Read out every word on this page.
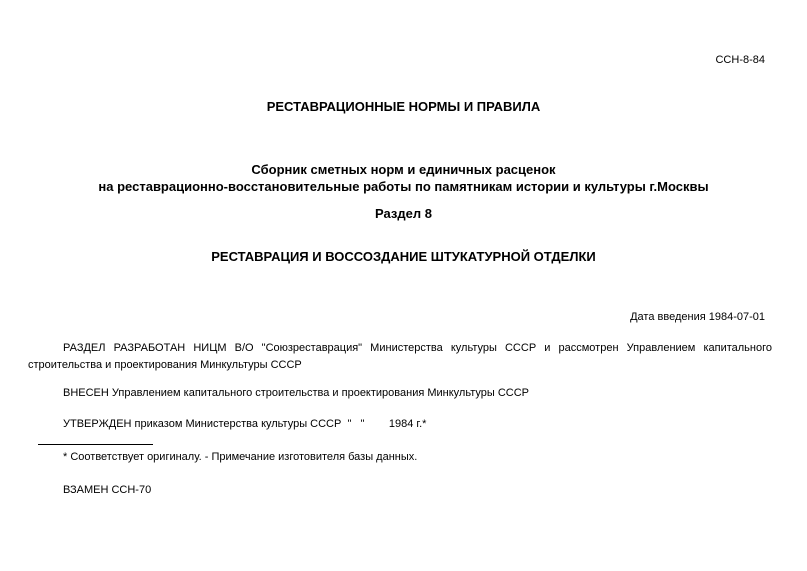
ССН-8-84
РЕСТАВРАЦИОННЫЕ НОРМЫ И ПРАВИЛА
Сборник сметных норм и единичных расценок
на реставрационно-восстановительные работы по памятникам истории и культуры г.Москвы
Раздел 8
РЕСТАВРАЦИЯ И ВОССОЗДАНИЕ ШТУКАТУРНОЙ ОТДЕЛКИ
Дата введения 1984-07-01
РАЗДЕЛ РАЗРАБОТАН НИЦМ В/О "Союзреставрация" Министерства культуры СССР и рассмотрен Управлением капитального строительства и проектирования Минкультуры СССР
ВНЕСЕН Управлением капитального строительства и проектирования Минкультуры СССР
УТВЕРЖДЕН приказом Министерства культуры СССР  "   "        1984 г.*
* Соответствует оригиналу. - Примечание изготовителя базы данных.
ВЗАМЕН ССН-70
